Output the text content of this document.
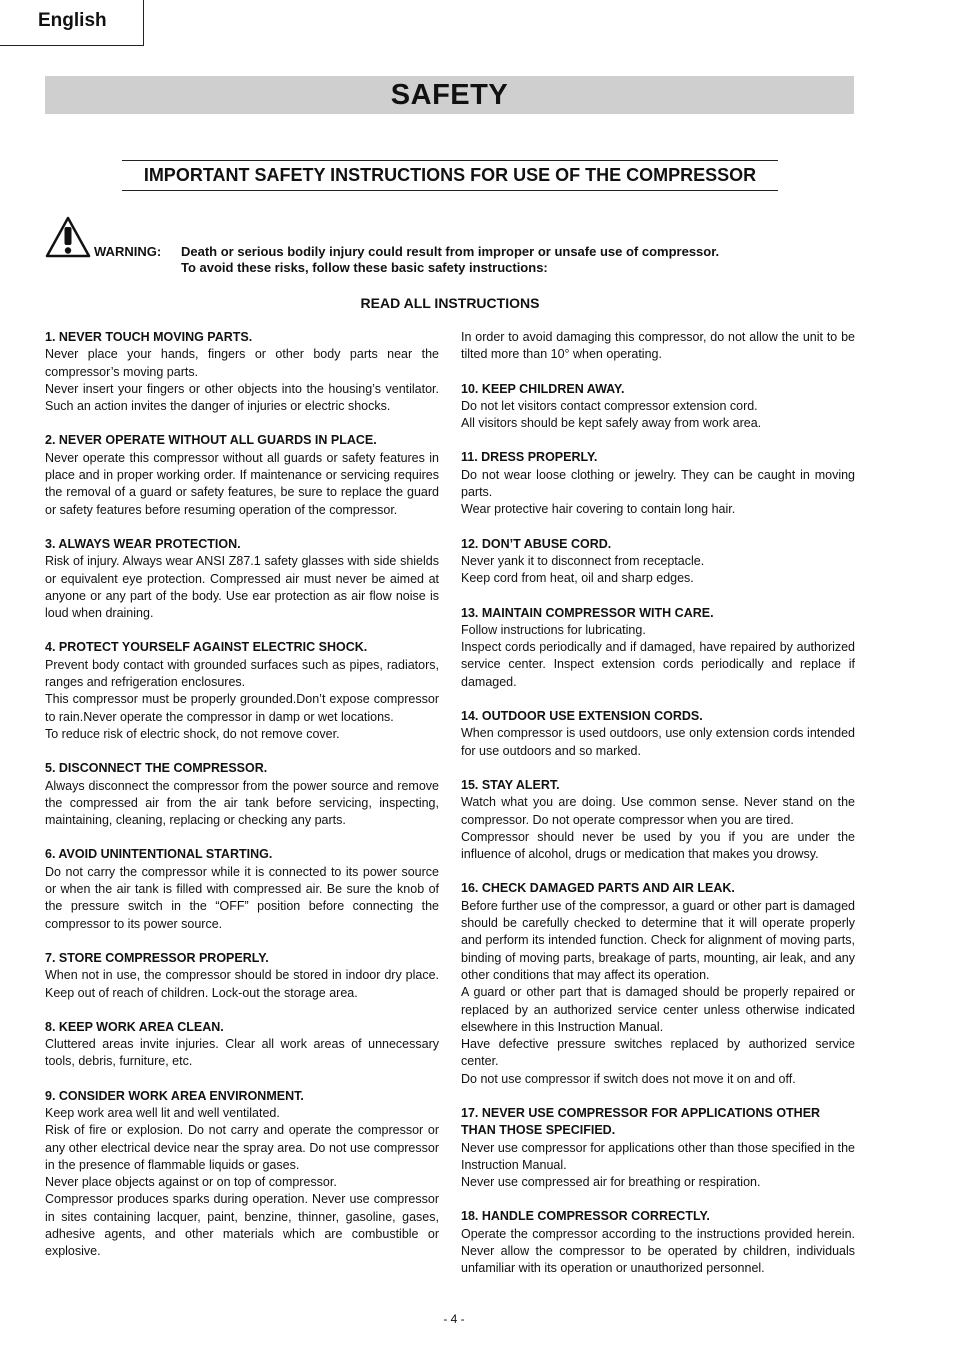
English
SAFETY
IMPORTANT SAFETY INSTRUCTIONS FOR USE OF THE COMPRESSOR
WARNING: Death or serious bodily injury could result from improper or unsafe use of compressor.
To avoid these risks, follow these basic safety instructions:
READ ALL INSTRUCTIONS
1. NEVER TOUCH MOVING PARTS.

Never place your hands, fingers or other body parts near the compressor’s moving parts.

Never insert your fingers or other objects into the housing’s ventilator. Such an action invites the danger of injuries or electric shocks.

2. NEVER OPERATE WITHOUT ALL GUARDS IN PLACE.

Never operate this compressor without all guards or safety features in place and in proper working order. If maintenance or servicing requires the removal of a guard or safety features, be sure to replace the guard or safety features before resuming operation of the compressor.

3. ALWAYS WEAR PROTECTION.

Risk of injury. Always wear ANSI Z87.1 safety glasses with side shields or equivalent eye protection. Compressed air must never be aimed at anyone or any part of the body. Use ear protection as air flow noise is loud when draining.

4. PROTECT YOURSELF AGAINST ELECTRIC SHOCK.

Prevent body contact with grounded surfaces such as pipes, radiators, ranges and refrigeration enclosures.

This compressor must be properly grounded.Don’t expose compressor to rain.Never operate the compressor in damp or wet locations.

To reduce risk of electric shock, do not remove cover.

5. DISCONNECT THE COMPRESSOR.

Always disconnect the compressor from the power source and remove the compressed air from the air tank before servicing, inspecting, maintaining, cleaning, replacing or checking any parts.

6. AVOID UNINTENTIONAL STARTING.

Do not carry the compressor while it is connected to its power source or when the air tank is filled with compressed air. Be sure the knob of the pressure switch in the “OFF” position before connecting the compressor to its power source.

7. STORE COMPRESSOR PROPERLY.

When not in use, the compressor should be stored in indoor dry place. Keep out of reach of children. Lock-out the storage area.

8. KEEP WORK AREA CLEAN.

Cluttered areas invite injuries. Clear all work areas of unnecessary tools, debris, furniture, etc.

9. CONSIDER WORK AREA ENVIRONMENT.

Keep work area well lit and well ventilated.

Risk of fire or explosion. Do not carry and operate the compressor or any other electrical device near the spray area. Do not use compressor in the presence of flammable liquids or gases.

Never place objects against or on top of compressor.

Compressor produces sparks during operation. Never use compressor in sites containing lacquer, paint, benzine, thinner, gasoline, gases, adhesive agents, and other materials which are combustible or explosive.

In order to avoid damaging this compressor, do not allow the unit to be tilted more than 10° when operating.

10. KEEP CHILDREN AWAY.

Do not let visitors contact compressor extension cord.

All visitors should be kept safely away from work area.

11. DRESS PROPERLY.

Do not wear loose clothing or jewelry. They can be caught in moving parts.

Wear protective hair covering to contain long hair.

12. DON’T ABUSE CORD.

Never yank it to disconnect from receptacle.

Keep cord from heat, oil and sharp edges.

13. MAINTAIN COMPRESSOR WITH CARE.

Follow instructions for lubricating.

Inspect cords periodically and if damaged, have repaired by authorized service center. Inspect extension cords periodically and replace if damaged.

14. OUTDOOR USE EXTENSION CORDS.

When compressor is used outdoors, use only extension cords intended for use outdoors and so marked.

15. STAY ALERT.

Watch what you are doing. Use common sense. Never stand on the compressor. Do not operate compressor when you are tired.

Compressor should never be used by you if you are under the influence of alcohol, drugs or medication that makes you drowsy.

16. CHECK DAMAGED PARTS AND AIR LEAK.

Before further use of the compressor, a guard or other part is damaged should be carefully checked to determine that it will operate properly and perform its intended function. Check for alignment of moving parts, binding of moving parts, breakage of parts, mounting, air leak, and any other conditions that may affect its operation.

A guard or other part that is damaged should be properly repaired or replaced by an authorized service center unless otherwise indicated elsewhere in this Instruction Manual.

Have defective pressure switches replaced by authorized service center.

Do not use compressor if switch does not move it on and off.

17. NEVER USE COMPRESSOR FOR APPLICATIONS OTHER THAN THOSE SPECIFIED.

Never use compressor for applications other than those specified in the Instruction Manual.

Never use compressed air for breathing or respiration.

18. HANDLE COMPRESSOR CORRECTLY.

Operate the compressor according to the instructions provided herein. Never allow the compressor to be operated by children, individuals unfamiliar with its operation or unauthorized personnel.

- 4 -
